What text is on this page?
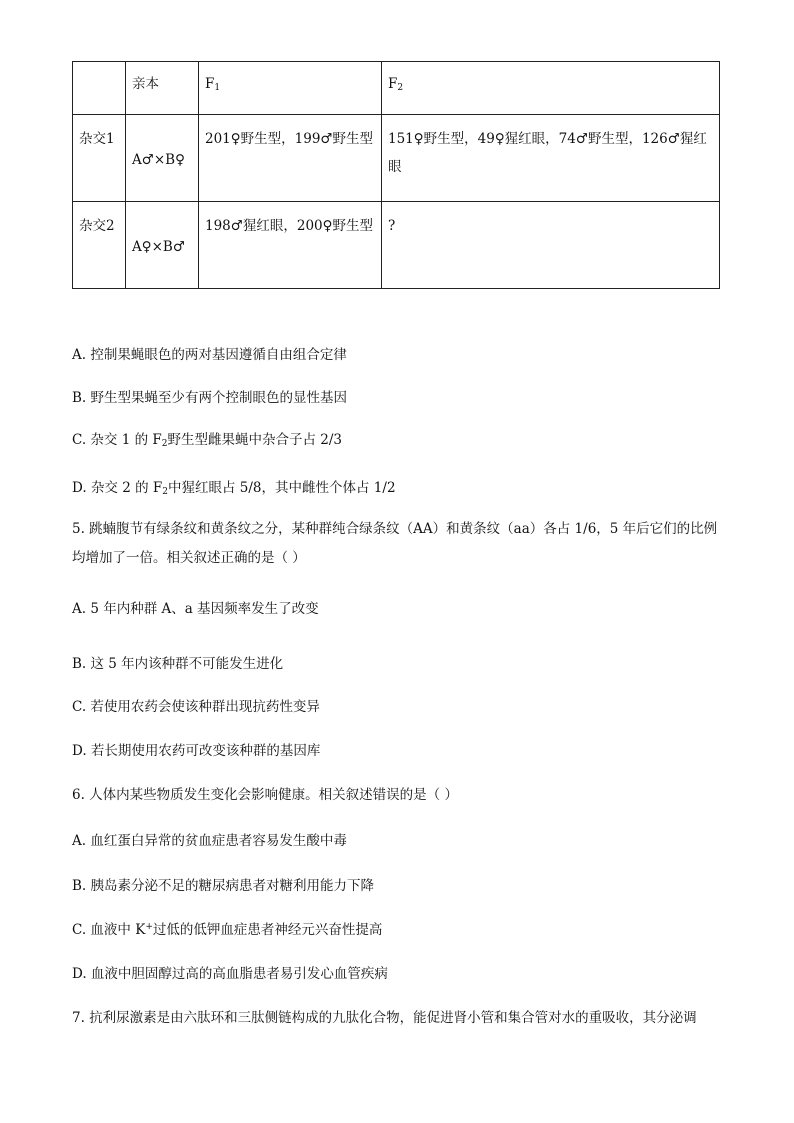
	亲本	$F_1$	$F_2$
杂交1	A♂×B♀	201♀野生型，199♂野生型	151♀野生型，49♀猩红眼，74♂野生型，126♂猩红眼
杂交2	A♀×B♂	198♂猩红眼，200♀野生型	?
A. 控制果蝇眼色的两对基因遵循自由组合定律
B. 野生型果蝇至少有两个控制眼色的显性基因
C. 杂交 1 的 $F_2$野生型雌果蝇中杂合子占 2/3
D. 杂交 2 的 $F_2$中猩红眼占 5/8，其中雌性个体占 1/2
5. 跳蝻腹节有绿条纹和黄条纹之分，某种群纯合绿条纹（AA）和黄条纹（aa）各占 1/6，5 年后它们的比例均增加了一倍。相关叙述正确的是（ ）
A. 5 年内种群 A、a 基因频率发生了改变
B. 这 5 年内该种群不可能发生进化
C. 若使用农药会使该种群出现抗药性变异
D. 若长期使用农药可改变该种群的基因库
6. 人体内某些物质发生变化会影响健康。相关叙述错误的是（ ）
A. 血红蛋白异常的贫血症患者容易发生酸中毒
B. 胰岛素分泌不足的糖尿病患者对糖利用能力下降
C. 血液中 K+过低的低钾血症患者神经元兴奋性提高
D. 血液中胆固醇过高的高血脂患者易引发心血管疾病
7. 抗利尿激素是由六肽环和三肽侧链构成的九肽化合物，能促进肾小管和集合管对水的重吸收，其分泌调
